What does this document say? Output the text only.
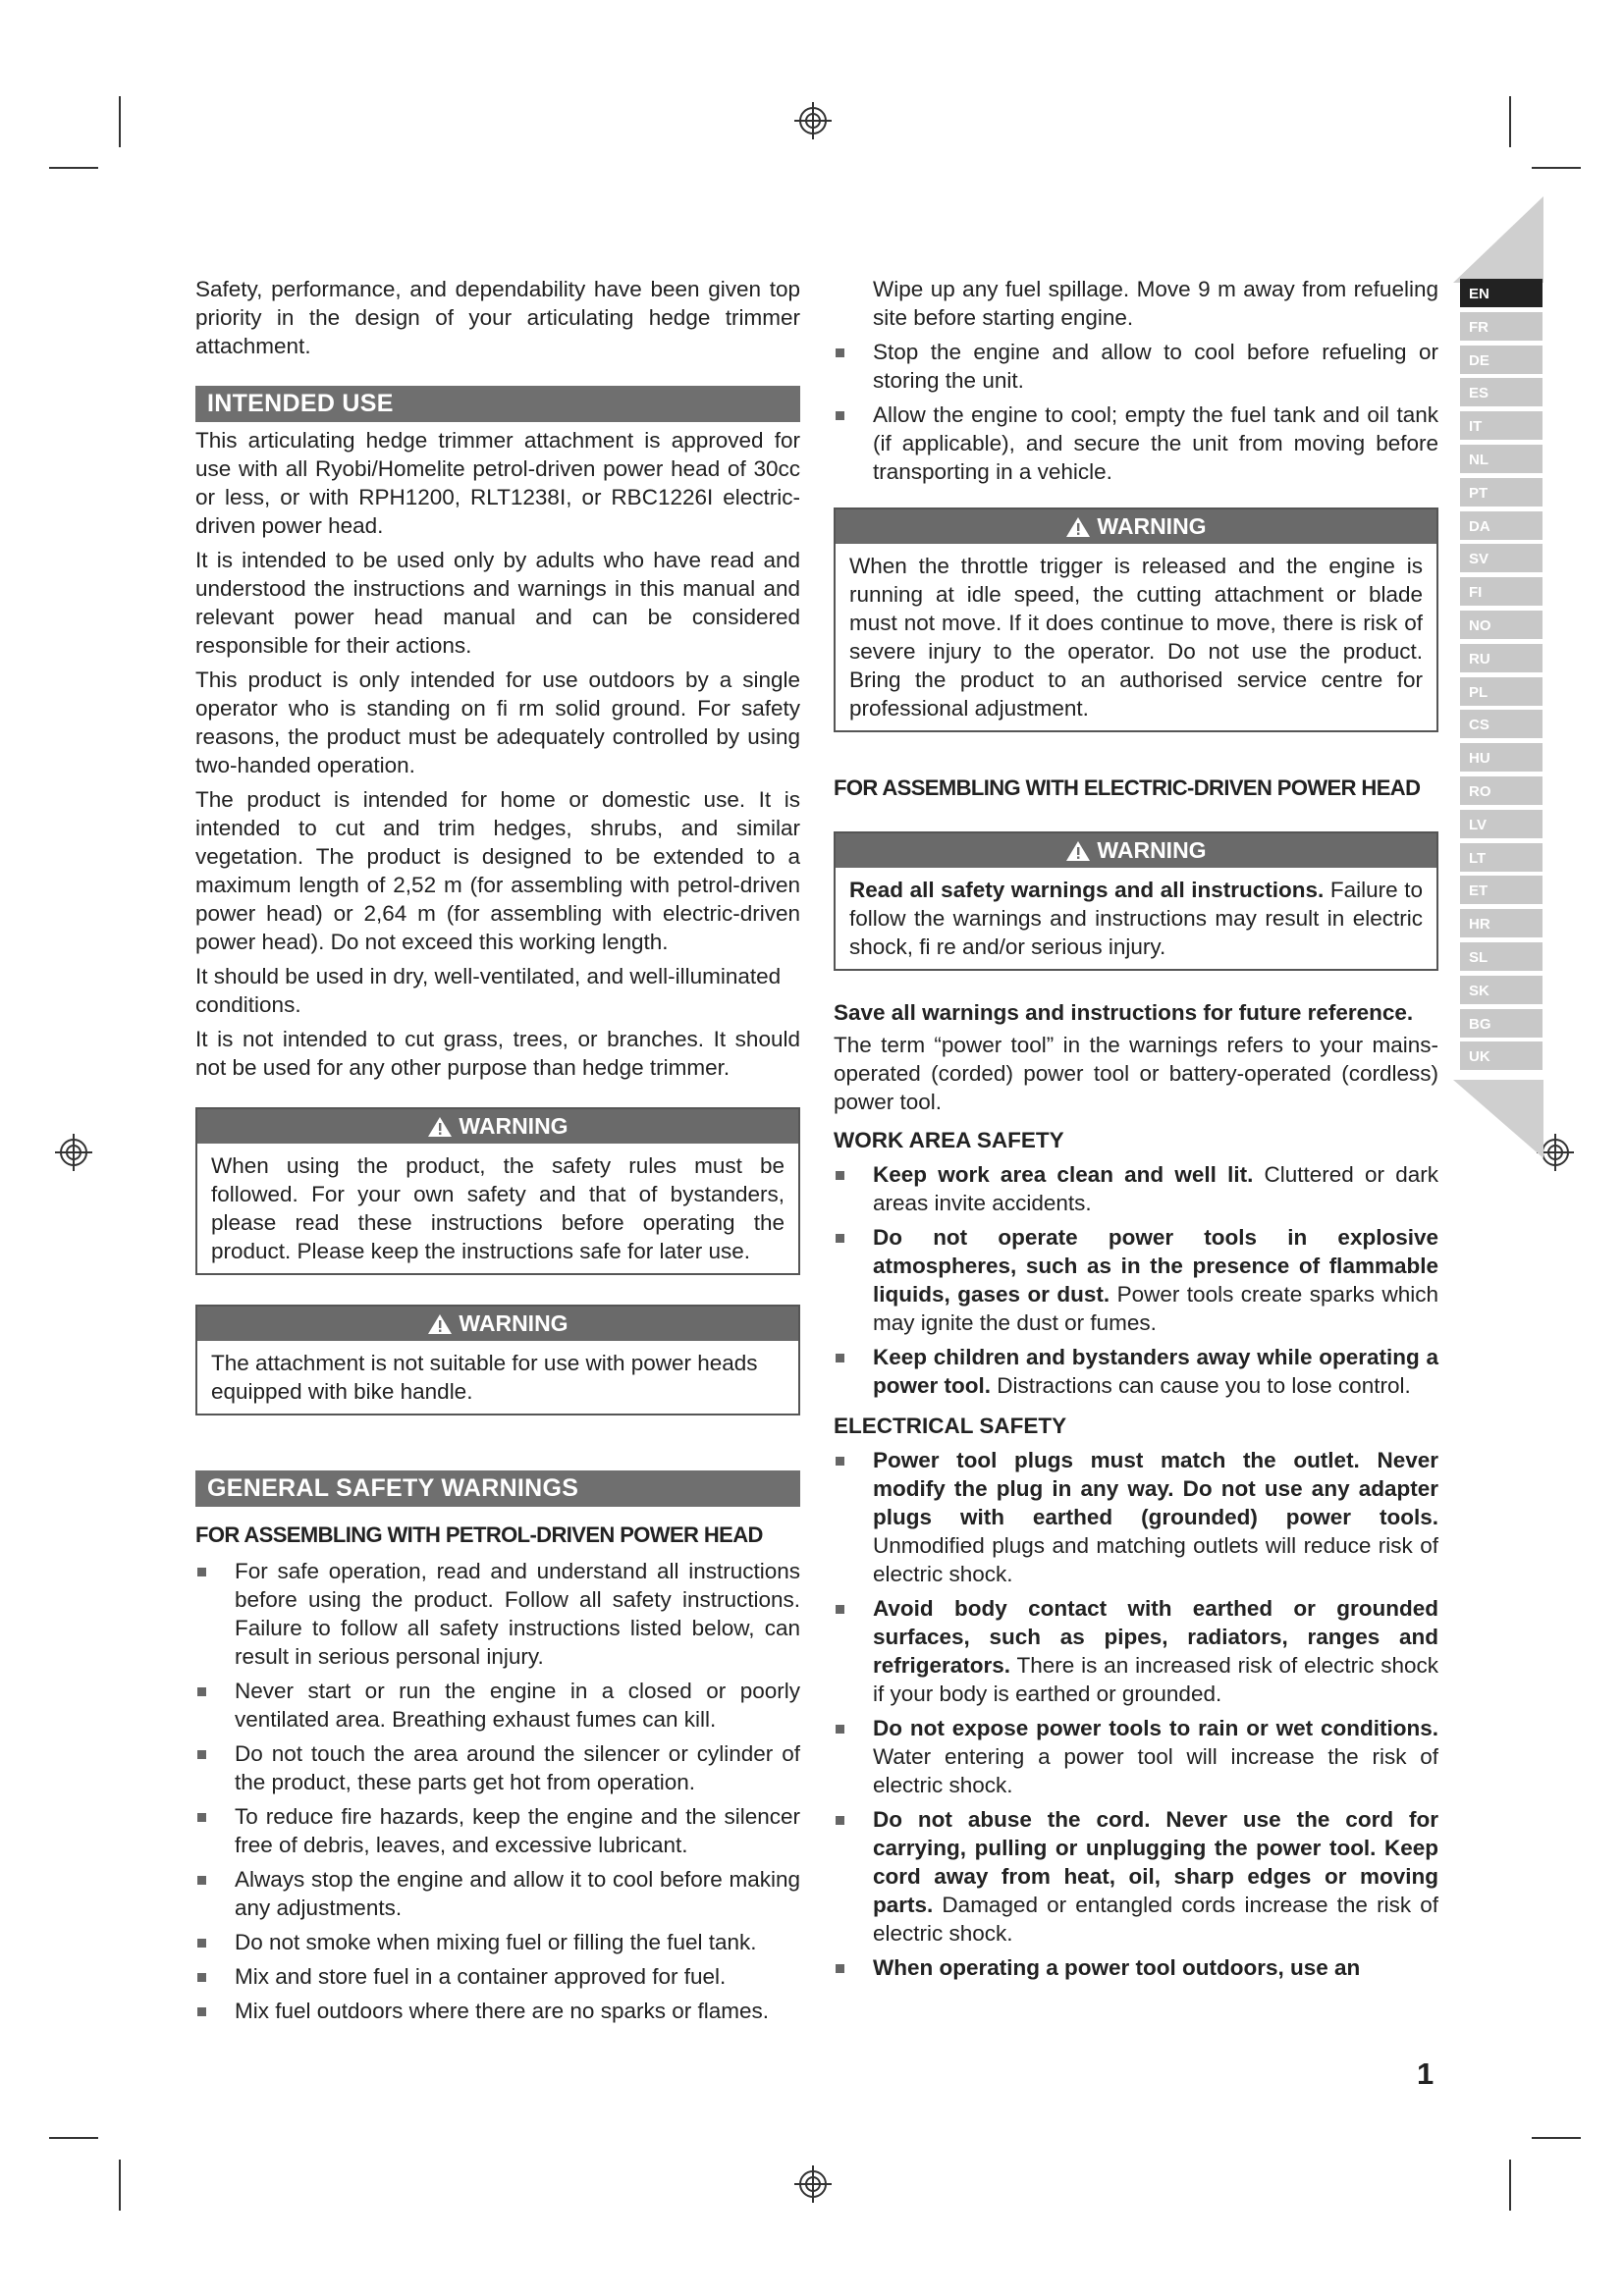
EN
FR
DE
ES
IT
NL
PT
DA
SV
FI
NO
RU
PL
CS
HU
RO
LV
LT
ET
HR
SL
SK
BG
UK

Safety, performance, and dependability have been given top priority in the design of your articulating hedge trimmer attachment.

INTENDED USE

This articulating hedge trimmer attachment is approved for use with all Ryobi/Homelite petrol-driven power head of 30cc or less, or with RPH1200, RLT1238I, or RBC1226I electric-driven power head.

It is intended to be used only by adults who have read and understood the instructions and warnings in this manual and relevant power head manual and can be considered responsible for their actions.

This product is only intended for use outdoors by a single operator who is standing on fi rm solid ground. For safety reasons, the product must be adequately controlled by using two-handed operation.

The product is intended for home or domestic use. It is intended to cut and trim hedges, shrubs, and similar vegetation. The product is designed to be extended to a maximum length of 2,52 m (for assembling with petrol-driven power head) or 2,64 m (for assembling with electric-driven power head). Do not exceed this working length.

It should be used in dry, well-ventilated, and well-illuminated conditions.

It is not intended to cut grass, trees, or branches. It should not be used for any other purpose than hedge trimmer.

WARNING
When using the product, the safety rules must be followed. For your own safety and that of bystanders, please read these instructions before operating the product. Please keep the instructions safe for later use.
WARNING
The attachment is not suitable for use with power heads equipped with bike handle.
GENERAL SAFETY WARNINGS
FOR ASSEMBLING WITH PETROL-DRIVEN POWER HEAD
For safe operation, read and understand all instructions before using the product. Follow all safety instructions. Failure to follow all safety instructions listed below, can result in serious personal injury.
Never start or run the engine in a closed or poorly ventilated area. Breathing exhaust fumes can kill.
Do not touch the area around the silencer or cylinder of the product, these parts get hot from operation.
To reduce fire hazards, keep the engine and the silencer free of debris, leaves, and excessive lubricant.
Always stop the engine and allow it to cool before making any adjustments.
Do not smoke when mixing fuel or filling the fuel tank.
Mix and store fuel in a container approved for fuel.
Mix fuel outdoors where there are no sparks or flames.

Wipe up any fuel spillage. Move 9 m away from refueling site before starting engine.

Stop the engine and allow to cool before refueling or storing the unit.
Allow the engine to cool; empty the fuel tank and oil tank (if applicable), and secure the unit from moving before transporting in a vehicle.
WARNING
When the throttle trigger is released and the engine is running at idle speed, the cutting attachment or blade must not move. If it does continue to move, there is risk of severe injury to the operator. Do not use the product. Bring the product to an authorised service centre for professional adjustment.
FOR ASSEMBLING WITH ELECTRIC-DRIVEN POWER HEAD
WARNING
Read all safety warnings and all instructions. Failure to follow the warnings and instructions may result in electric shock, fi re and/or serious injury.

Save all warnings and instructions for future reference.

The term “power tool” in the warnings refers to your mains-operated (corded) power tool or battery-operated (cordless) power tool.

WORK AREA SAFETY
Keep work area clean and well lit. Cluttered or dark areas invite accidents.
Do not operate power tools in explosive atmospheres, such as in the presence of flammable liquids, gases or dust. Power tools create sparks which may ignite the dust or fumes.
Keep children and bystanders away while operating a power tool. Distractions can cause you to lose control.
ELECTRICAL SAFETY
Power tool plugs must match the outlet. Never modify the plug in any way. Do not use any adapter plugs with earthed (grounded) power tools. Unmodified plugs and matching outlets will reduce risk of electric shock.
Avoid body contact with earthed or grounded surfaces, such as pipes, radiators, ranges and refrigerators. There is an increased risk of electric shock if your body is earthed or grounded.
Do not expose power tools to rain or wet conditions. Water entering a power tool will increase the risk of electric shock.
Do not abuse the cord. Never use the cord for carrying, pulling or unplugging the power tool. Keep cord away from heat, oil, sharp edges or moving parts. Damaged or entangled cords increase the risk of electric shock.
When operating a power tool outdoors, use an
1
